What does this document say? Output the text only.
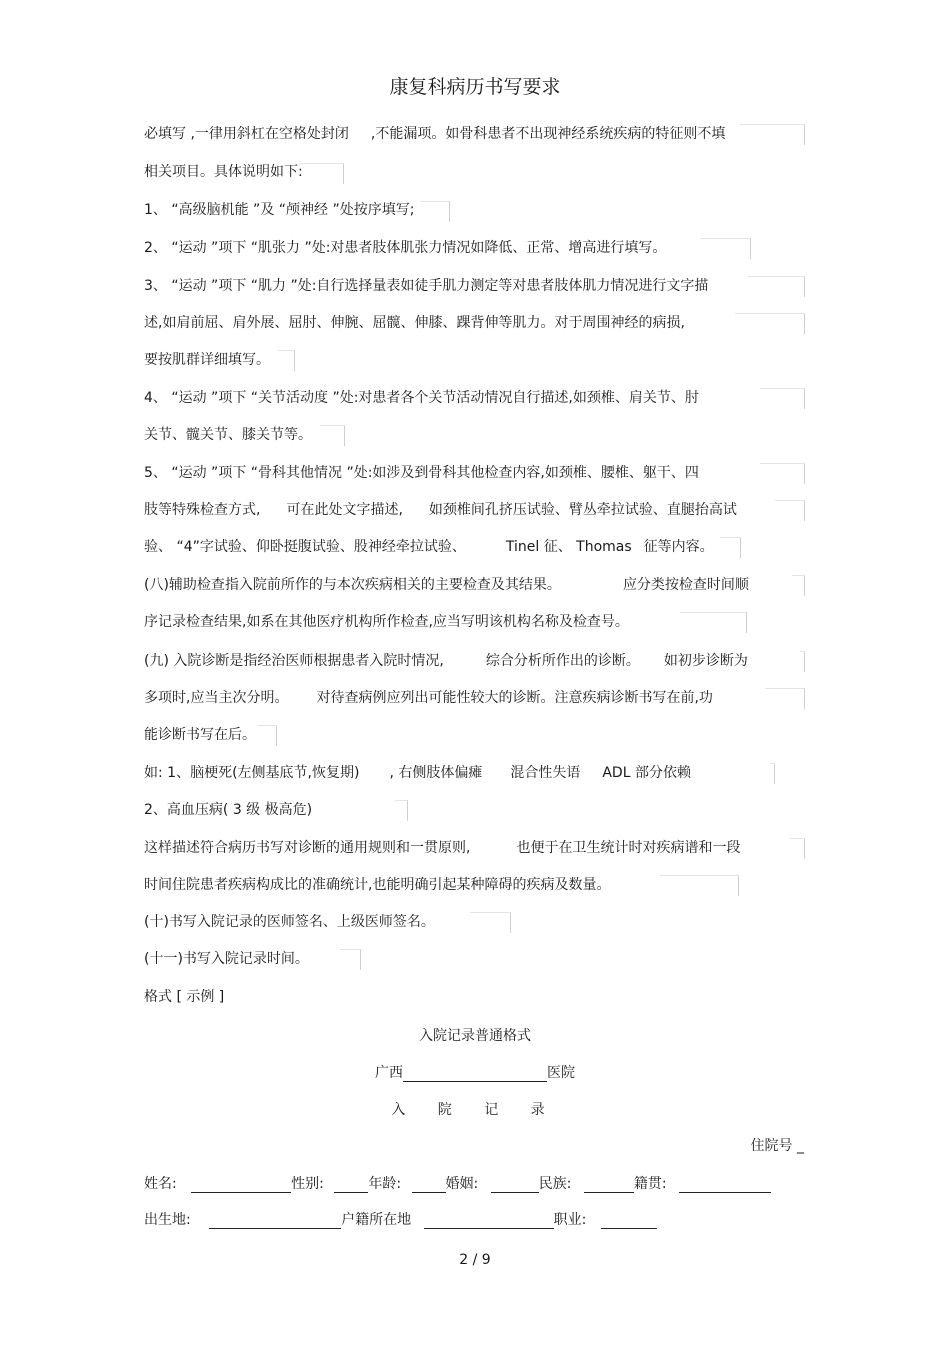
康复科病历书写要求
必填写 ,一律用斜杠在空格处封闭 ,不能漏项。如骨科患者不出现神经系统疾病的特征则不填
相关项目。具体说明如下:
1、 “高级脑机能 ”及 “颅神经 ”处按序填写;
2、 “运动 ”项下 “肌张力 ”处:对患者肢体肌张力情况如降低、正常、增高进行填写。
3、 “运动 ”项下 “肌力 ”处:自行选择量表如徒手肌力测定等对患者肢体肌力情况进行文字描
述,如肩前屈、肩外展、屈肘、伸腕、屈髋、伸膝、踝背伸等肌力。对于周围神经的病损,
要按肌群详细填写。
4、 “运动 ”项下 “关节活动度 ”处:对患者各个关节活动情况自行描述,如颈椎、肩关节、肘
关节、髋关节、膝关节等。
5、 “运动 ”项下 “骨科其他情况 ”处:如涉及到骨科其他检查内容,如颈椎、腰椎、躯干、四
肢等特殊检查方式, 可在此处文字描述, 如颈椎间孔挤压试验、臂丛牵拉试验、直腿抬高试
验、 “4”字试验、仰卧挺腹试验、股神经牵拉试验、	Tinel 征、 Thomas 征等内容。
(八)辅助检查指入院前所作的与本次疾病相关的主要检查及其结果。	应分类按检查时间顺
序记录检查结果,如系在其他医疗机构所作检查,应当写明该机构名称及检查号。
(九) 入院诊断是指经治医师根据患者入院时情况,	综合分析所作出的诊断。 如初步诊断为
多项时,应当主次分明。 对待查病例应列出可能性较大的诊断。注意疾病诊断书写在前,功
能诊断书写在后。
如: 1、脑梗死(左侧基底节,恢复期) , 右侧肢体偏瘫 混合性失语 ADL 部分依赖
2、高血压病( 3 级 极高危)
这样描述符合病历书写对诊断的通用规则和一贯原则,	也便于在卫生统计时对疾病谱和一段
时间住院患者疾病构成比的准确统计,也能明确引起某种障碍的疾病及数量。
(十)书写入院记录的医师签名、上级医师签名。
(十一)书写入院记录时间。
格式 [ 示例 ]
入院记录普通格式
广西	医院
入 院 记 录
住院号 _
姓名:	性别:	年龄:	婚姻:	民族:	籍贯:
出生地:	户籍所在地	职业:
2 / 9
